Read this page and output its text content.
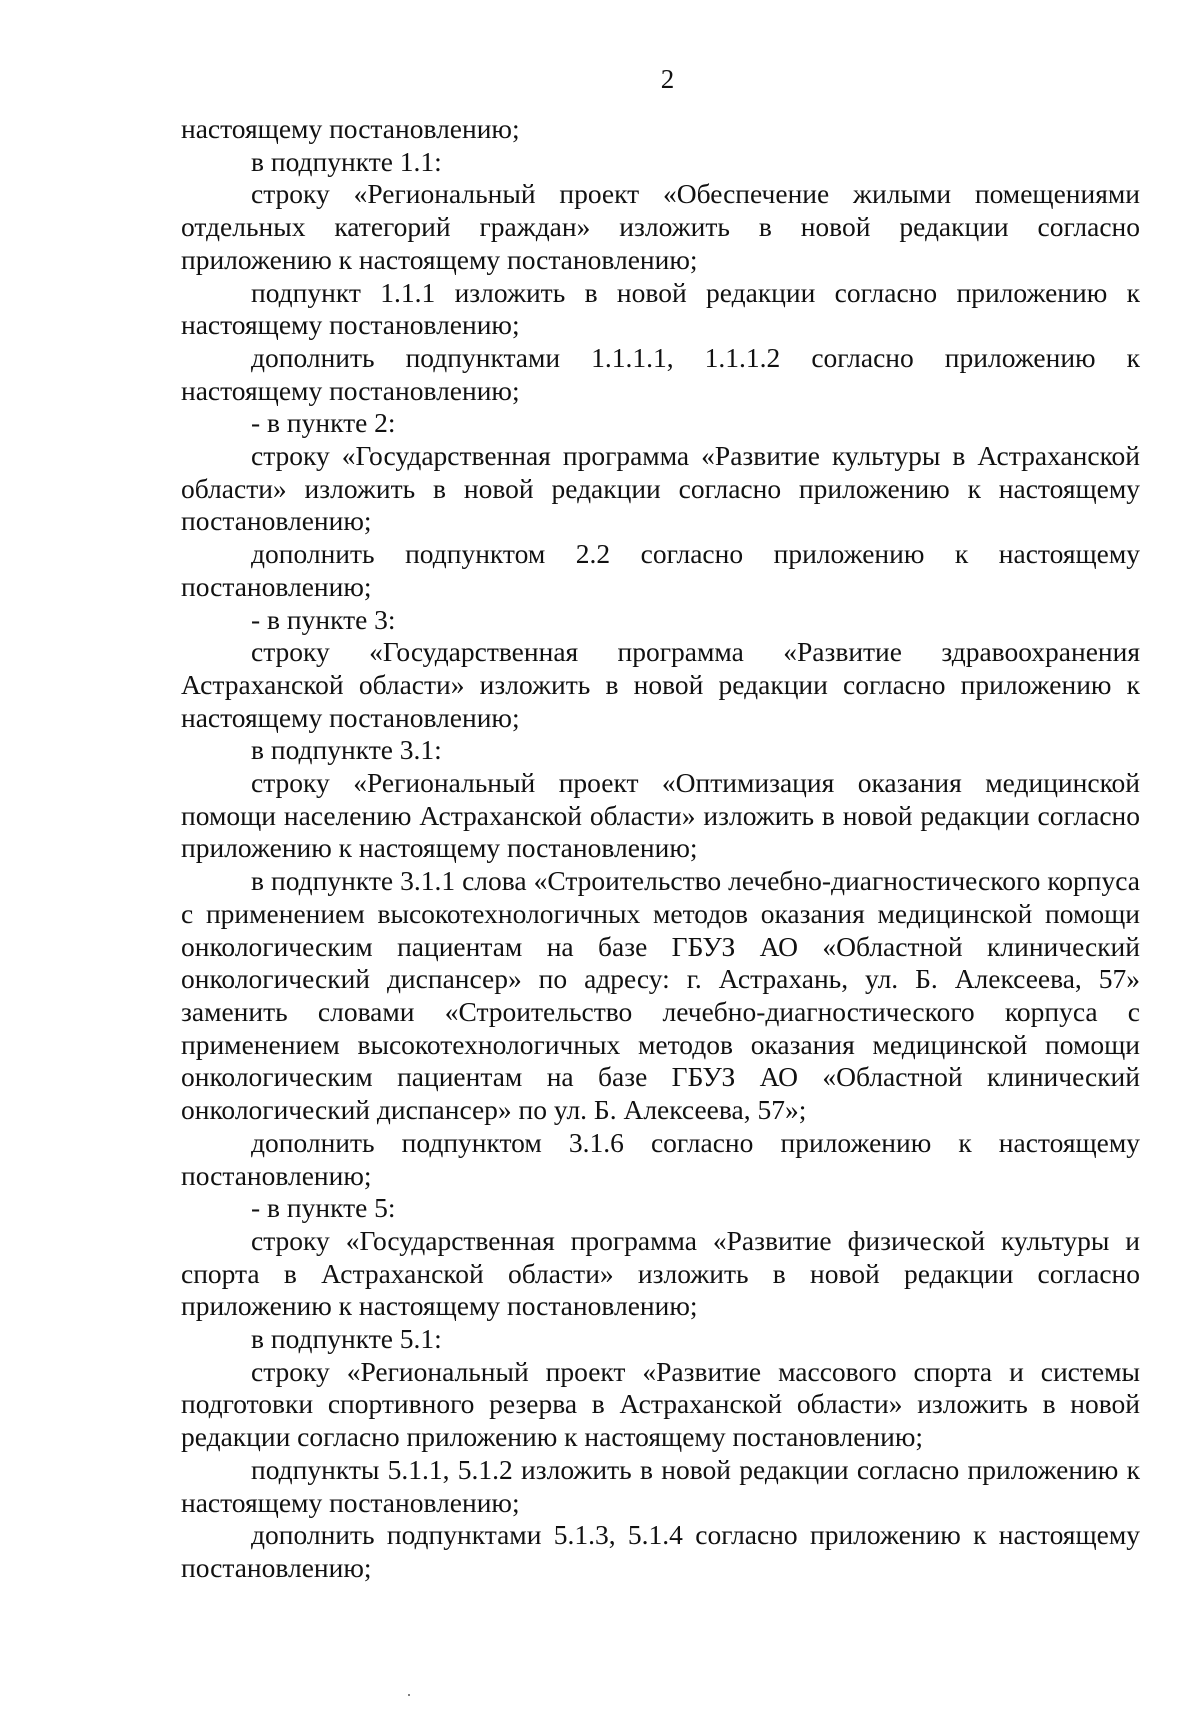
2

настоящему постановлению;

в подпункте 1.1:

строку «Региональный проект «Обеспечение жилыми помещениями отдельных категорий граждан» изложить в новой редакции согласно приложению к настоящему постановлению;

подпункт 1.1.1 изложить в новой редакции согласно приложению к настоящему постановлению;

дополнить подпунктами 1.1.1.1, 1.1.1.2 согласно приложению к настоящему постановлению;

- в пункте 2:

строку «Государственная программа «Развитие культуры в Астраханской области» изложить в новой редакции согласно приложению к настоящему постановлению;

дополнить подпунктом 2.2 согласно приложению к настоящему постановлению;

- в пункте 3:

строку «Государственная программа «Развитие здравоохранения Астраханской области» изложить в новой редакции согласно приложению к настоящему постановлению;

в подпункте 3.1:

строку «Региональный проект «Оптимизация оказания медицинской помощи населению Астраханской области» изложить в новой редакции согласно приложению к настоящему постановлению;

в подпункте 3.1.1 слова «Строительство лечебно-диагностического корпуса с применением высокотехнологичных методов оказания медицинской помощи онкологическим пациентам на базе ГБУЗ АО «Областной клинический онкологический диспансер» по адресу: г. Астрахань, ул. Б. Алексеева, 57» заменить словами «Строительство лечебно-диагностического корпуса с применением высокотехнологичных методов оказания медицинской помощи онкологическим пациентам на базе ГБУЗ АО «Областной клинический онкологический диспансер» по ул. Б. Алексеева, 57»;

дополнить подпунктом 3.1.6 согласно приложению к настоящему постановлению;

- в пункте 5:

строку «Государственная программа «Развитие физической культуры и спорта в Астраханской области» изложить в новой редакции согласно приложению к настоящему постановлению;

в подпункте 5.1:

строку «Региональный проект «Развитие массового спорта и системы подготовки спортивного резерва в Астраханской области» изложить в новой редакции согласно приложению к настоящему постановлению;

подпункты 5.1.1, 5.1.2 изложить в новой редакции согласно приложению к настоящему постановлению;

дополнить подпунктами 5.1.3, 5.1.4 согласно приложению к настоящему постановлению;
